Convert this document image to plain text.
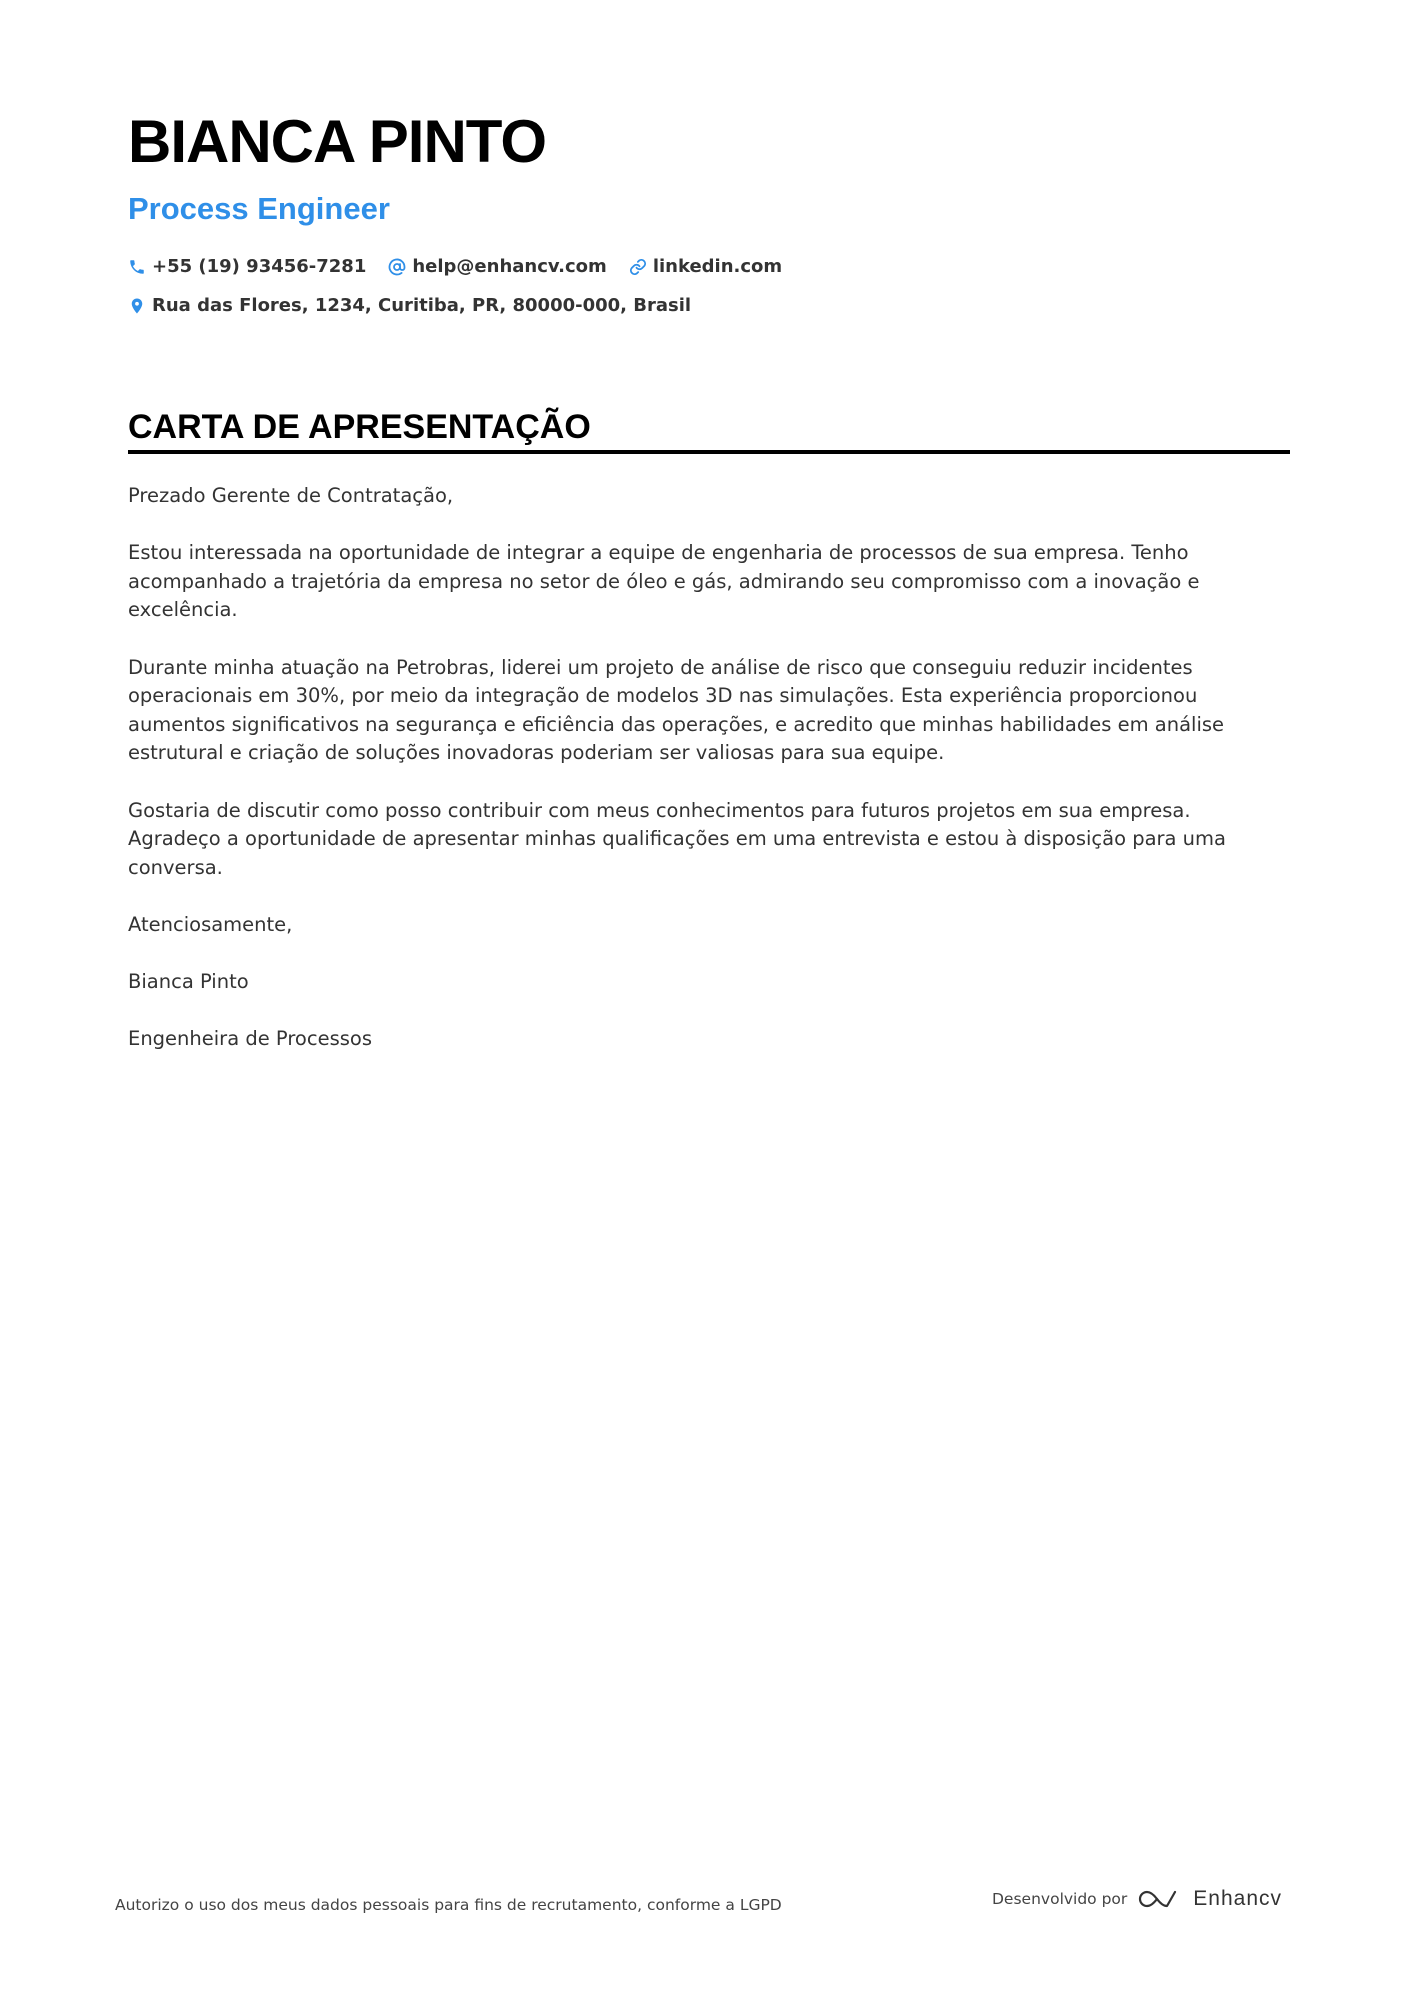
BIANCA PINTO
Process Engineer
+55 (19) 93456-7281	help@enhancv.com	linkedin.com
Rua das Flores, 1234, Curitiba, PR, 80000-000, Brasil
CARTA DE APRESENTAÇÃO

Prezado Gerente de Contratação,

Estou interessada na oportunidade de integrar a equipe de engenharia de processos de sua empresa. Tenho acompanhado a trajetória da empresa no setor de óleo e gás, admirando seu compromisso com a inovação e excelência.

Durante minha atuação na Petrobras, liderei um projeto de análise de risco que conseguiu reduzir incidentes operacionais em 30%, por meio da integração de modelos 3D nas simulações. Esta experiência proporcionou aumentos significativos na segurança e eficiência das operações, e acredito que minhas habilidades em análise estrutural e criação de soluções inovadoras poderiam ser valiosas para sua equipe.

Gostaria de discutir como posso contribuir com meus conhecimentos para futuros projetos em sua empresa. Agradeço a oportunidade de apresentar minhas qualificações em uma entrevista e estou à disposição para uma conversa.

Atenciosamente,

Bianca Pinto

Engenheira de Processos

Autorizo o uso dos meus dados pessoais para fins de recrutamento, conforme a LGPD	Desenvolvido por	Enhancv
